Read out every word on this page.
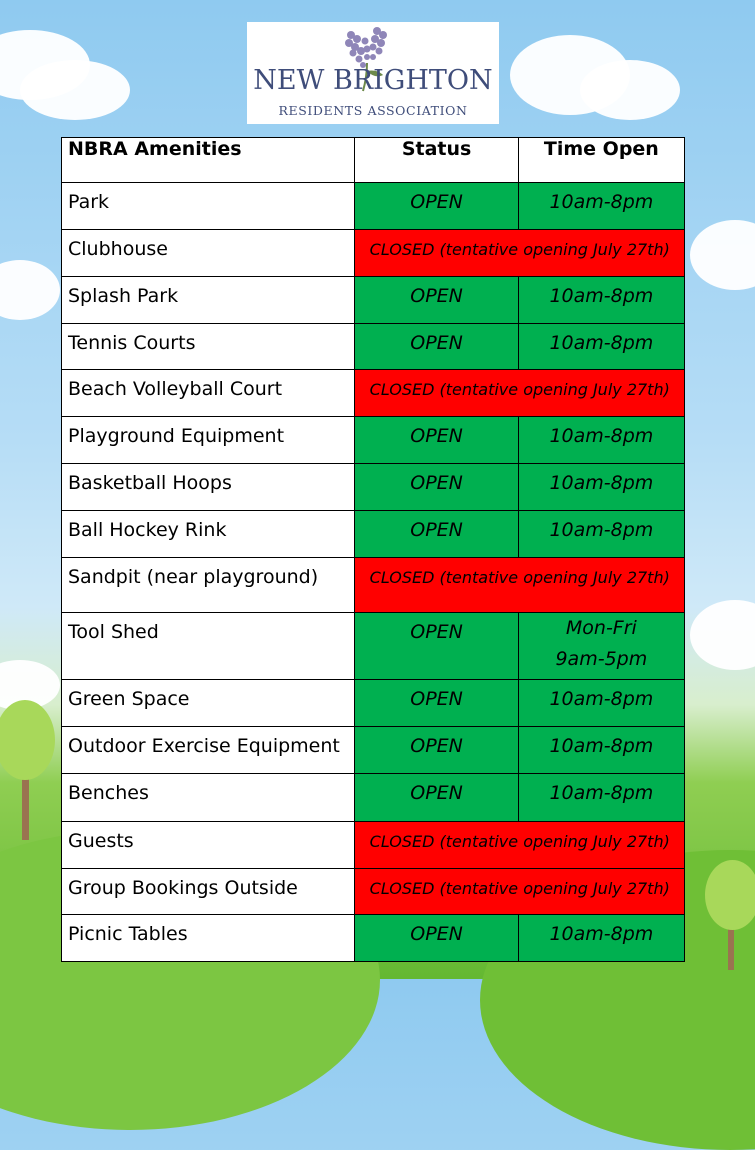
NEW BRIGHTON
RESIDENTS ASSOCIATION
NBRA Amenities	Status	Time Open
Park	OPEN	10am-8pm
Clubhouse	CLOSED (tentative opening July 27th)	
Splash Park	OPEN	10am-8pm
Tennis Courts	OPEN	10am-8pm
Beach Volleyball Court	CLOSED (tentative opening July 27th)	
Playground Equipment	OPEN	10am-8pm
Basketball Hoops	OPEN	10am-8pm
Ball Hockey Rink	OPEN	10am-8pm
Sandpit (near playground)	CLOSED (tentative opening July 27th)	
Tool Shed	OPEN	Mon-Fri
9am-5pm

Green Space	OPEN	10am-8pm
Outdoor Exercise Equipment	OPEN	10am-8pm
Benches	OPEN	10am-8pm
Guests	CLOSED (tentative opening July 27th)	
Group Bookings Outside	CLOSED (tentative opening July 27th)	
Picnic Tables	OPEN	10am-8pm
